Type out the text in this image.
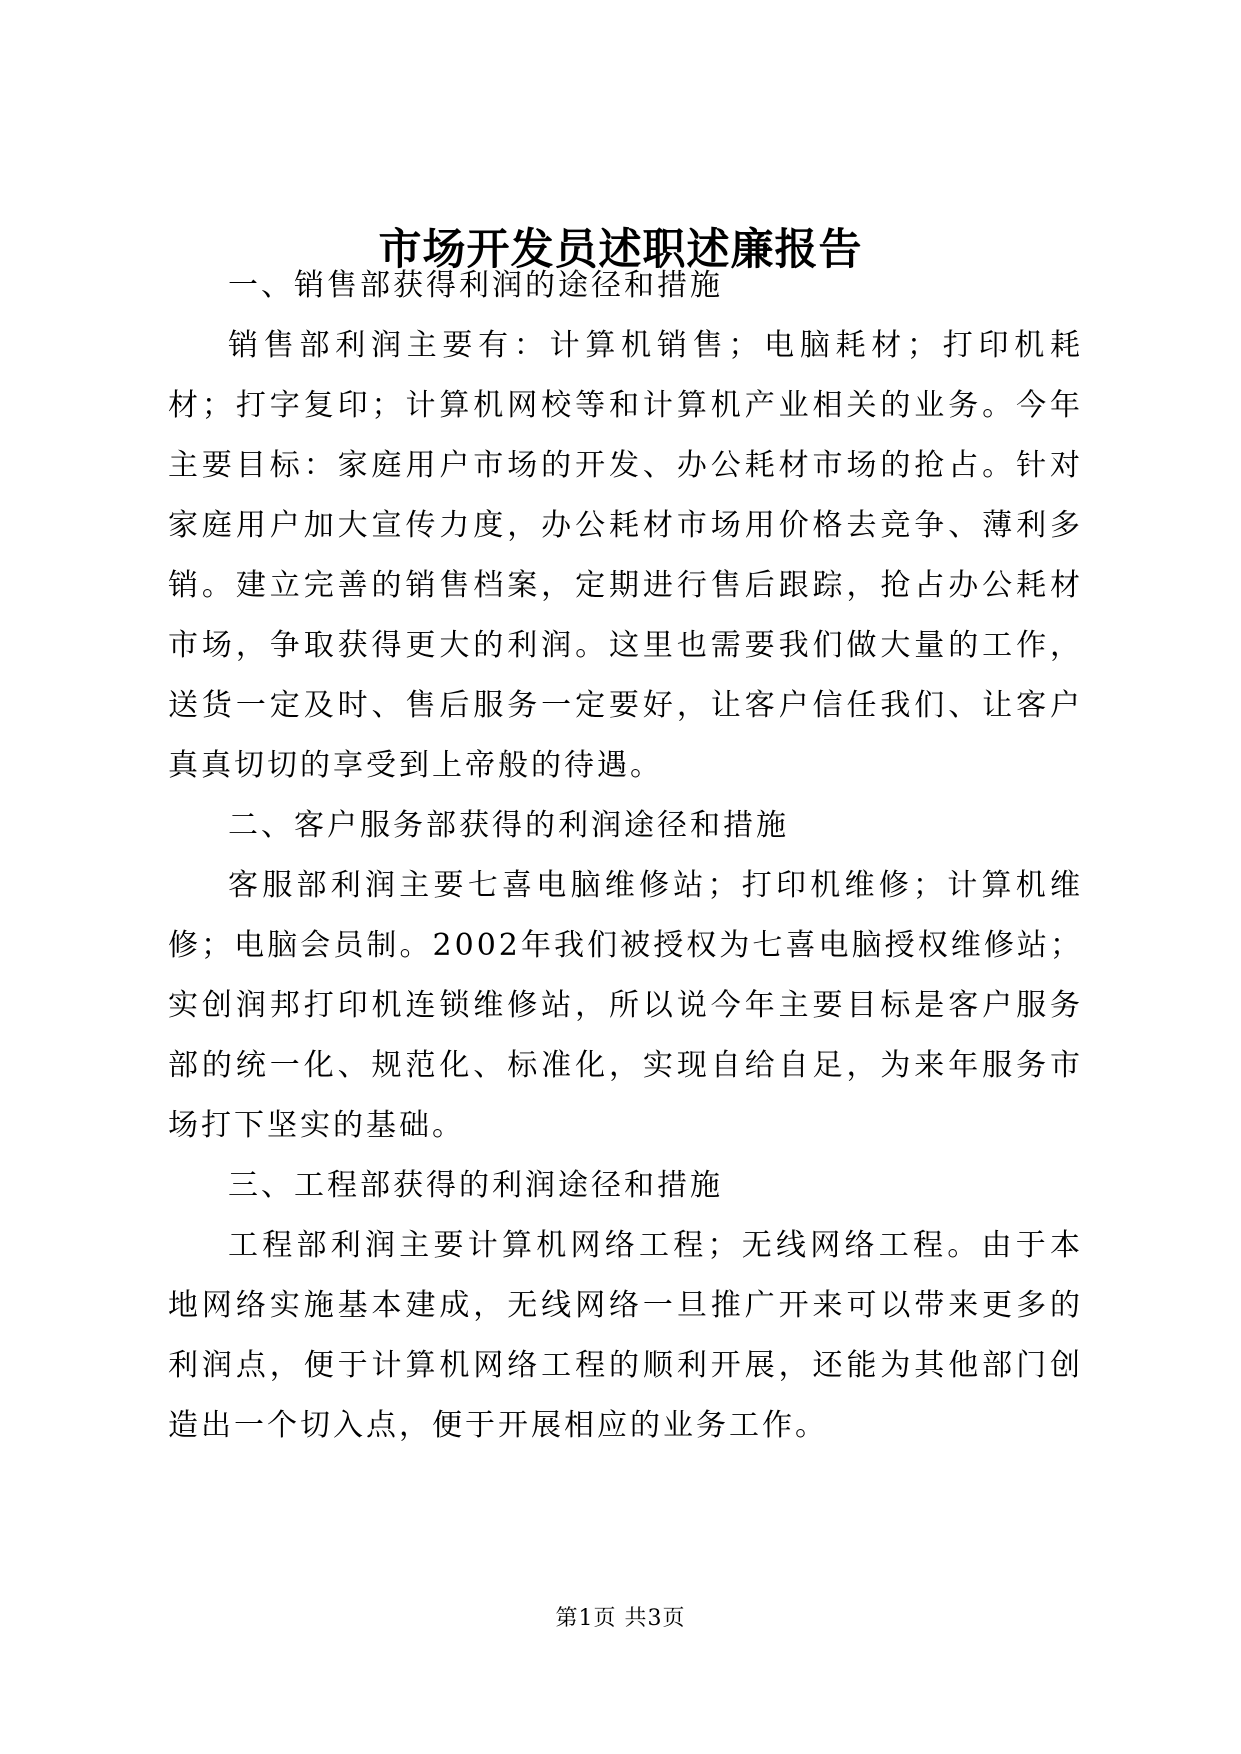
市场开发员述职述廉报告

一、销售部获得利润的途径和措施

销售部利润主要有：计算机销售；电脑耗材；打印机耗材；打字复印；计算机网校等和计算机产业相关的业务。今年主要目标：家庭用户市场的开发、办公耗材市场的抢占。针对家庭用户加大宣传力度，办公耗材市场用价格去竞争、薄利多销。建立完善的销售档案，定期进行售后跟踪，抢占办公耗材市场，争取获得更大的利润。这里也需要我们做大量的工作，送货一定及时、售后服务一定要好，让客户信任我们、让客户真真切切的享受到上帝般的待遇。

二、客户服务部获得的利润途径和措施

客服部利润主要七喜电脑维修站；打印机维修；计算机维修；电脑会员制。2002年我们被授权为七喜电脑授权维修站；实创润邦打印机连锁维修站，所以说今年主要目标是客户服务部的统一化、规范化、标准化，实现自给自足，为来年服务市场打下坚实的基础。

三、工程部获得的利润途径和措施

工程部利润主要计算机网络工程；无线网络工程。由于本地网络实施基本建成，无线网络一旦推广开来可以带来更多的利润点，便于计算机网络工程的顺利开展，还能为其他部门创造出一个切入点，便于开展相应的业务工作。

第1页 共3页
